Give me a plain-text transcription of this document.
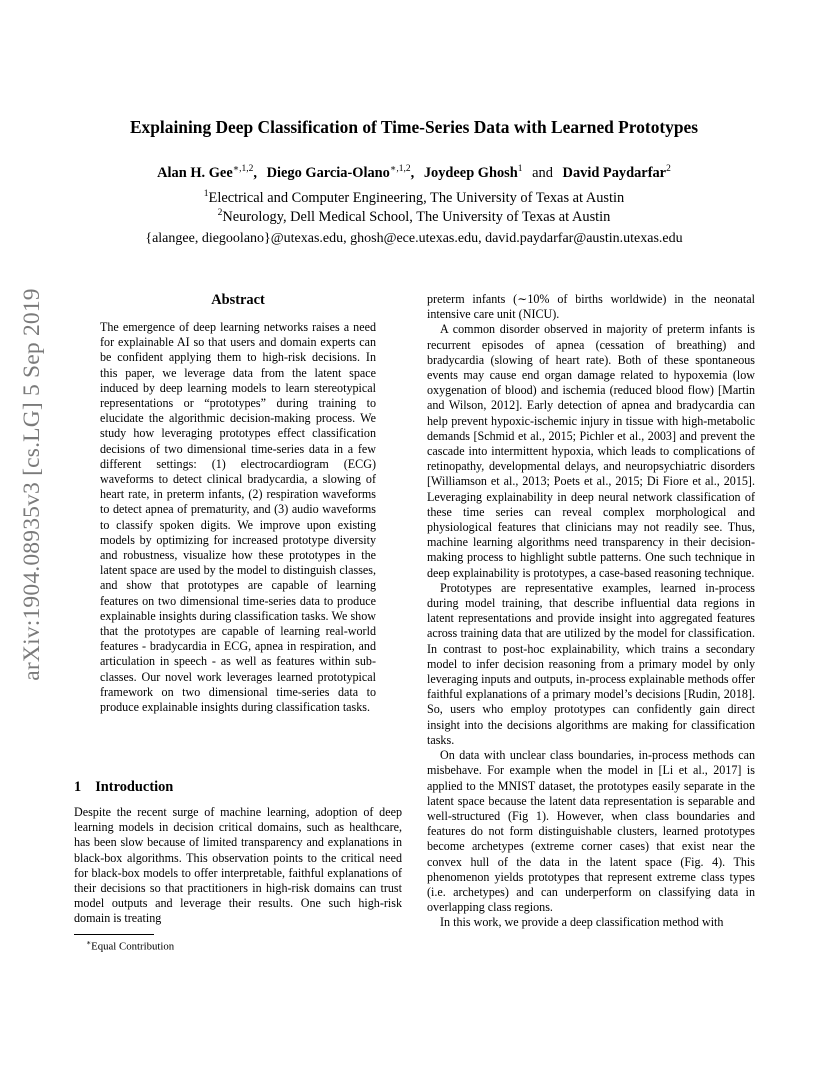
arXiv:1904.08935v3 [cs.LG] 5 Sep 2019
Explaining Deep Classification of Time-Series Data with Learned Prototypes
Alan H. Gee$^{∗,1,2}$, Diego Garcia-Olano$^{∗,1,2}$, Joydeep Ghosh$^1$ and David Paydarfar$^2$
$^1$Electrical and Computer Engineering, The University of Texas at Austin
$^2$Neurology, Dell Medical School, The University of Texas at Austin
{alangee, diegoolano}@utexas.edu, ghosh@ece.utexas.edu, david.paydarfar@austin.utexas.edu
Abstract
The emergence of deep learning networks raises a need for explainable AI so that users and domain experts can be confident applying them to high-risk decisions. In this paper, we leverage data from the latent space induced by deep learning models to learn stereotypical representations or “prototypes” during training to elucidate the algorithmic decision-making process. We study how leveraging prototypes effect classification decisions of two dimensional time-series data in a few different settings: (1) electrocardiogram (ECG) waveforms to detect clinical bradycardia, a slowing of heart rate, in preterm infants, (2) respiration waveforms to detect apnea of prematurity, and (3) audio waveforms to classify spoken digits. We improve upon existing models by optimizing for increased prototype diversity and robustness, visualize how these prototypes in the latent space are used by the model to distinguish classes, and show that prototypes are capable of learning features on two dimensional time-series data to produce explainable insights during classification tasks. We show that the prototypes are capable of learning real-world features - bradycardia in ECG, apnea in respiration, and articulation in speech - as well as features within sub-classes. Our novel work leverages learned prototypical framework on two dimensional time-series data to produce explainable insights during classification tasks.
1 Introduction
Despite the recent surge of machine learning, adoption of deep learning models in decision critical domains, such as healthcare, has been slow because of limited transparency and explanations in black-box algorithms. This observation points to the critical need for black-box models to offer interpretable, faithful explanations of their decisions so that practitioners in high-risk domains can trust model outputs and leverage their results. One such high-risk domain is treating
∗Equal Contribution

preterm infants (∼10% of births worldwide) in the neonatal intensive care unit (NICU).

A common disorder observed in majority of preterm infants is recurrent episodes of apnea (cessation of breathing) and bradycardia (slowing of heart rate). Both of these spontaneous events may cause end organ damage related to hypoxemia (low oxygenation of blood) and ischemia (reduced blood flow) [Martin and Wilson, 2012]. Early detection of apnea and bradycardia can help prevent hypoxic-ischemic injury in tissue with high-metabolic demands [Schmid et al., 2015; Pichler et al., 2003] and prevent the cascade into intermittent hypoxia, which leads to complications of retinopathy, developmental delays, and neuropsychiatric disorders [Williamson et al., 2013; Poets et al., 2015; Di Fiore et al., 2015]. Leveraging explainability in deep neural network classification of these time series can reveal complex morphological and physiological features that clinicians may not readily see. Thus, machine learning algorithms need transparency in their decision-making process to highlight subtle patterns. One such technique in deep explainability is prototypes, a case-based reasoning technique.

Prototypes are representative examples, learned in-process during model training, that describe influential data regions in latent representations and provide insight into aggregated features across training data that are utilized by the model for classification. In contrast to post-hoc explainability, which trains a secondary model to infer decision reasoning from a primary model by only leveraging inputs and outputs, in-process explainable methods offer faithful explanations of a primary model’s decisions [Rudin, 2018]. So, users who employ prototypes can confidently gain direct insight into the decisions algorithms are making for classification tasks.

On data with unclear class boundaries, in-process methods can misbehave. For example when the model in [Li et al., 2017] is applied to the MNIST dataset, the prototypes easily separate in the latent space because the latent data representation is separable and well-structured (Fig 1). However, when class boundaries and features do not form distinguishable clusters, learned prototypes become archetypes (extreme corner cases) that exist near the convex hull of the data in the latent space (Fig. 4). This phenomenon yields prototypes that represent extreme class types (i.e. archetypes) and can underperform on classifying data in overlapping class regions.

In this work, we provide a deep classification method with
